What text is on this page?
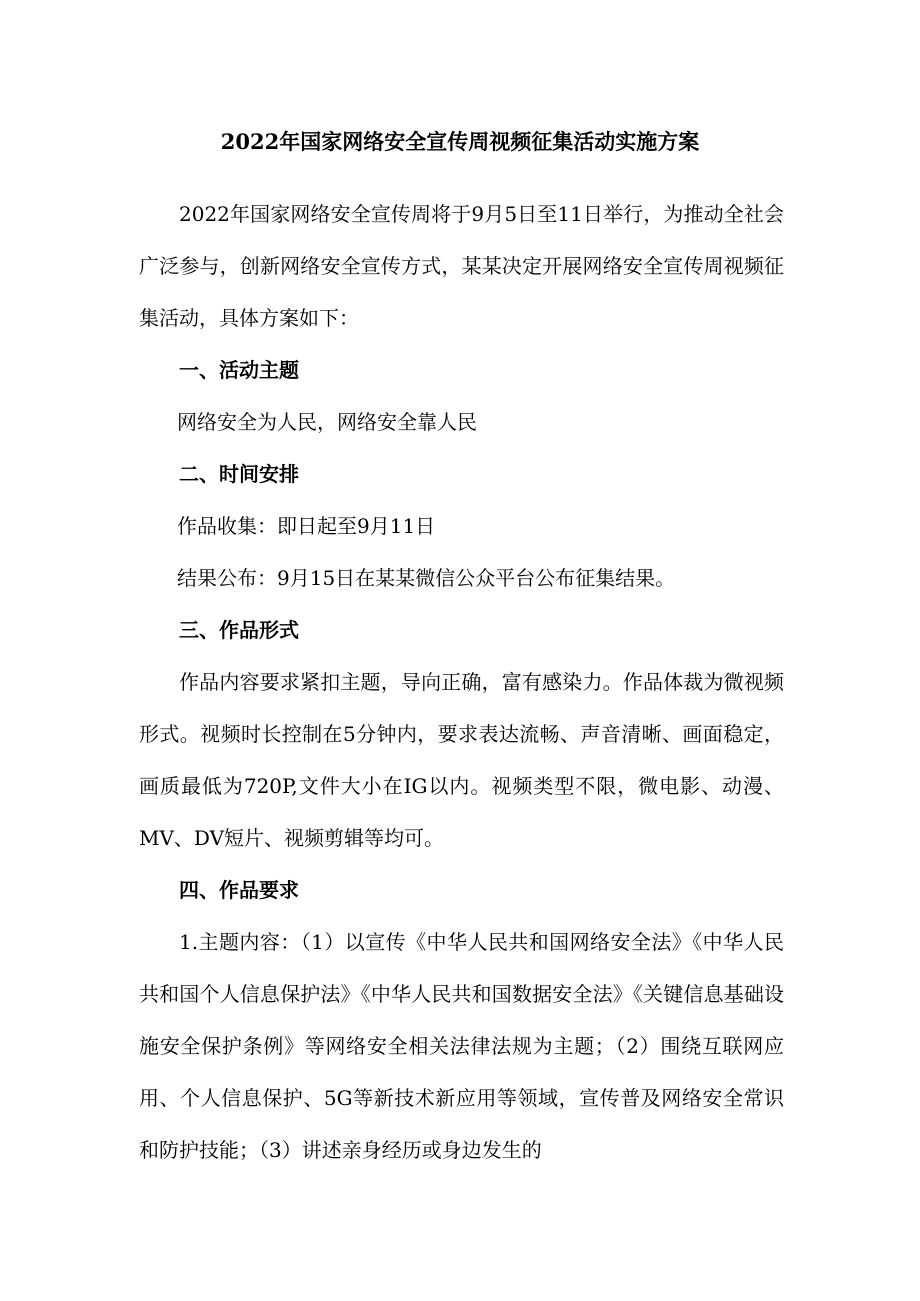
2022年国家网络安全宣传周视频征集活动实施方案
2022年国家网络安全宣传周将于9月5日至11日举行，为推动全社会广泛参与，创新网络安全宣传方式，某某决定开展网络安全宣传周视频征集活动，具体方案如下：
一、活动主题
网络安全为人民，网络安全靠人民
二、时间安排
作品收集：即日起至9月11日
结果公布：9月15日在某某微信公众平台公布征集结果。
三、作品形式
作品内容要求紧扣主题，导向正确，富有感染力。作品体裁为微视频形式。视频时长控制在5分钟内，要求表达流畅、声音清晰、画面稳定，画质最低为720P,文件大小在IG以内。视频类型不限，微电影、动漫、MV、DV短片、视频剪辑等均可。
四、作品要求
1.主题内容：（1）以宣传《中华人民共和国网络安全法》《中华人民共和国个人信息保护法》《中华人民共和国数据安全法》《关键信息基础设施安全保护条例》等网络安全相关法律法规为主题；（2）围绕互联网应用、个人信息保护、5G等新技术新应用等领域，宣传普及网络安全常识和防护技能；（3）讲述亲身经历或身边发生的
